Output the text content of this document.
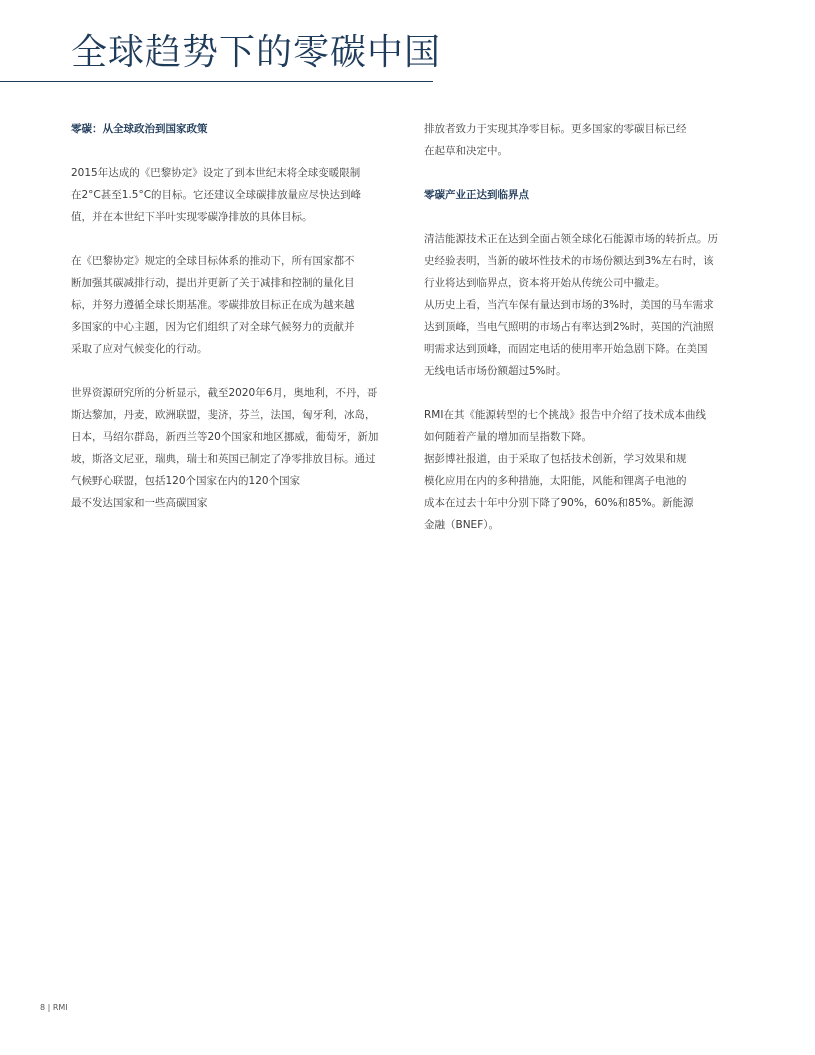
全球趋势下的零碳中国

零碳：从全球政治到国家政策

2015年达成的《巴黎协定》设定了到本世纪末将全球变暖限制
在2°C甚至1.5°C的目标。它还建议全球碳排放量应尽快达到峰
值，并在本世纪下半叶实现零碳净排放的具体目标。

在《巴黎协定》规定的全球目标体系的推动下，所有国家都不
断加强其碳减排行动，提出并更新了关于减排和控制的量化目
标，并努力遵循全球长期基准。零碳排放目标正在成为越来越
多国家的中心主题，因为它们组织了对全球气候努力的贡献并
采取了应对气候变化的行动。

世界资源研究所的分析显示，截至2020年6月，奥地利，不丹，哥
斯达黎加，丹麦，欧洲联盟，斐济，芬兰，法国，匈牙利，冰岛，
日本，马绍尔群岛，新西兰等20个国家和地区挪威，葡萄牙，新加
坡，斯洛文尼亚，瑞典，瑞士和英国已制定了净零排放目标。通过
气候野心联盟，包括120个国家在内的120个国家
最不发达国家和一些高碳国家

排放者致力于实现其净零目标。更多国家的零碳目标已经
在起草和决定中。

零碳产业正达到临界点

清洁能源技术正在达到全面占领全球化石能源市场的转折点。历
史经验表明，当新的破坏性技术的市场份额达到3%左右时，该
行业将达到临界点，资本将开始从传统公司中撤走。
从历史上看，当汽车保有量达到市场的3%时，美国的马车需求
达到顶峰，当电气照明的市场占有率达到2%时，英国的汽油照
明需求达到顶峰，而固定电话的使用率开始急剧下降。在美国
无线电话市场份额超过5%时。

RMI在其《能源转型的七个挑战》报告中介绍了技术成本曲线
如何随着产量的增加而呈指数下降。
据彭博社报道，由于采取了包括技术创新，学习效果和规
模化应用在内的多种措施，太阳能，风能和锂离子电池的
成本在过去十年中分别下降了90%，60%和85%。新能源
金融（BNEF）。

8 | RMI
